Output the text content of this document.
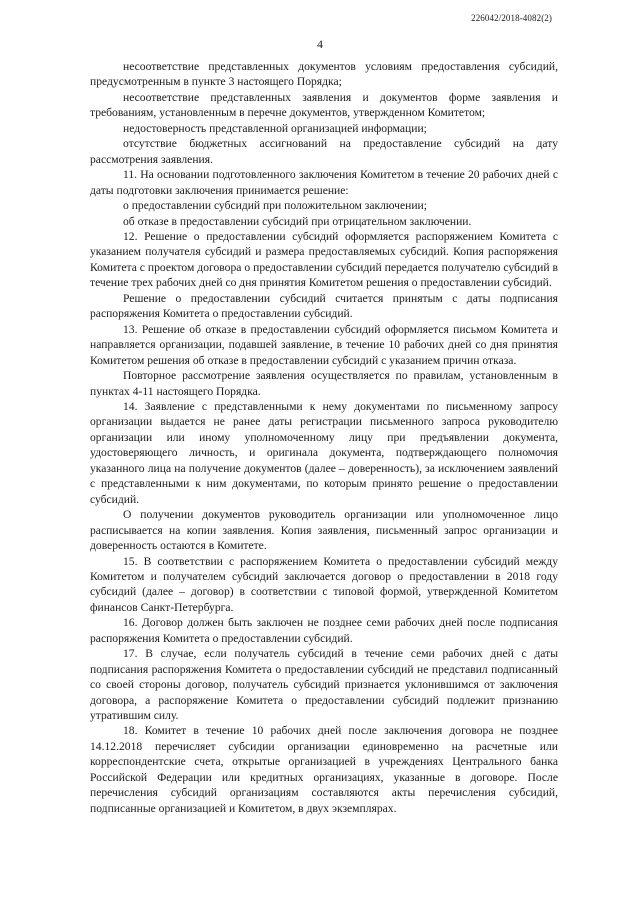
226042/2018-4082(2)
4

несоответствие представленных документов условиям предоставления субсидий, предусмотренным в пункте 3 настоящего Порядка;

несоответствие представленных заявления и документов форме заявления и требованиям, установленным в перечне документов, утвержденном Комитетом;

недостоверность представленной организацией информации;

отсутствие бюджетных ассигнований на предоставление субсидий на дату рассмотрения заявления.

11. На основании подготовленного заключения Комитетом в течение 20 рабочих дней с даты подготовки заключения принимается решение:

о предоставлении субсидий при положительном заключении;

об отказе в предоставлении субсидий при отрицательном заключении.

12. Решение о предоставлении субсидий оформляется распоряжением Комитета с указанием получателя субсидий и размера предоставляемых субсидий. Копия распоряжения Комитета с проектом договора о предоставлении субсидий передается получателю субсидий в течение трех рабочих дней со дня принятия Комитетом решения о предоставлении субсидий.

Решение о предоставлении субсидий считается принятым с даты подписания распоряжения Комитета о предоставлении субсидий.

13. Решение об отказе в предоставлении субсидий оформляется письмом Комитета и направляется организации, подавшей заявление, в течение 10 рабочих дней со дня принятия Комитетом решения об отказе в предоставлении субсидий с указанием причин отказа.

Повторное рассмотрение заявления осуществляется по правилам, установленным в пунктах 4-11 настоящего Порядка.

14. Заявление с представленными к нему документами по письменному запросу организации выдается не ранее даты регистрации письменного запроса руководителю организации или иному уполномоченному лицу при предъявлении документа, удостоверяющего личность, и оригинала документа, подтверждающего полномочия указанного лица на получение документов (далее – доверенность), за исключением заявлений с представленными к ним документами, по которым принято решение о предоставлении субсидий.

О получении документов руководитель организации или уполномоченное лицо расписывается на копии заявления. Копия заявления, письменный запрос организации и доверенность остаются в Комитете.

15. В соответствии с распоряжением Комитета о предоставлении субсидий между Комитетом и получателем субсидий заключается договор о предоставлении в 2018 году субсидий (далее – договор) в соответствии с типовой формой, утвержденной Комитетом финансов Санкт-Петербурга.

16. Договор должен быть заключен не позднее семи рабочих дней после подписания распоряжения Комитета о предоставлении субсидий.

17. В случае, если получатель субсидий в течение семи рабочих дней с даты подписания распоряжения Комитета о предоставлении субсидий не представил подписанный со своей стороны договор, получатель субсидий признается уклонившимся от заключения договора, а распоряжение Комитета о предоставлении субсидий подлежит признанию утратившим силу.

18. Комитет в течение 10 рабочих дней после заключения договора не позднее 14.12.2018 перечисляет субсидии организации единовременно на расчетные или корреспондентские счета, открытые организацией в учреждениях Центрального банка Российской Федерации или кредитных организациях, указанные в договоре. После перечисления субсидий организациям составляются акты перечисления субсидий, подписанные организацией и Комитетом, в двух экземплярах.
